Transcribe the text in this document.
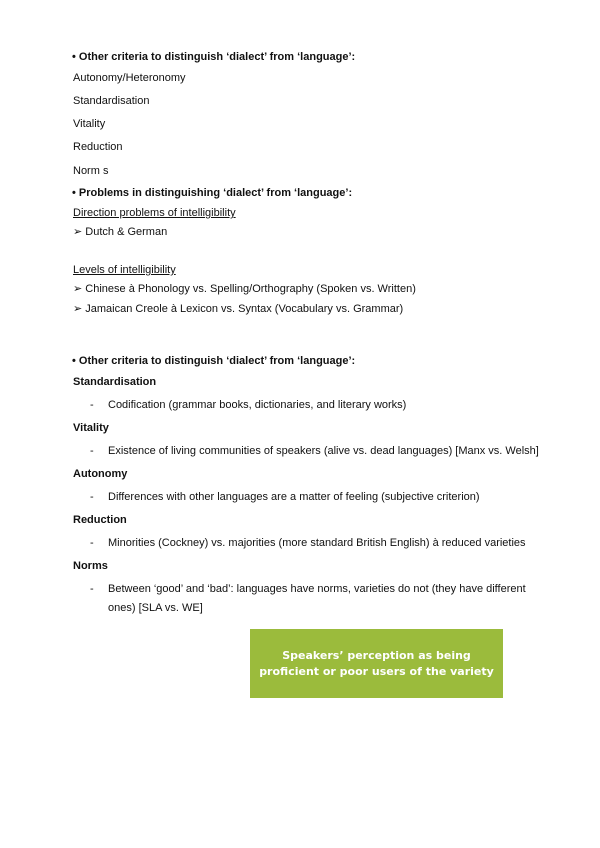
• Other criteria to distinguish ‘dialect’ from ‘language’:
Autonomy/Heteronomy
Standardisation
Vitality
Reduction
Norm s
• Problems in distinguishing ‘dialect’ from ‘language’:
Direction problems of intelligibility
➢ Dutch & German
Levels of intelligibility
➢ Chinese à Phonology vs. Spelling/Orthography (Spoken vs. Written)
➢ Jamaican Creole à Lexicon vs. Syntax (Vocabulary vs. Grammar)
• Other criteria to distinguish ‘dialect’ from ‘language’:
Standardisation
- Codification (grammar books, dictionaries, and literary works)
Vitality
- Existence of living communities of speakers (alive vs. dead languages) [Manx vs. Welsh]
Autonomy
- Differences with other languages are a matter of feeling (subjective criterion)
Reduction
- Minorities (Cockney) vs. majorities (more standard British English) à reduced varieties
Norms
- Between ‘good’ and ‘bad’: languages have norms, varieties do not (they have different ones) [SLA vs. WE]
Speakers’ perception as being proficient or poor users of the variety
